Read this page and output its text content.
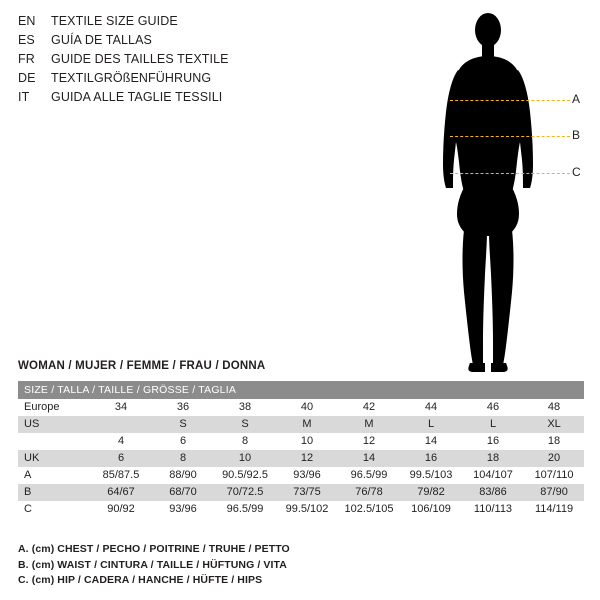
EN	TEXTILE SIZE GUIDE
ES	GUÍA DE TALLAS
FR	GUIDE DES TAILLES TEXTILE
DE	TEXTILGRÖßENFÜHRUNG
IT	GUIDA ALLE TAGLIE TESSILI	A
B
C
WOMAN / MUJER / FEMME / FRAU / DONNA
SIZE / TALLA / TAILLE / GRÖSSE / TAGLIA								
Europe	34	36	38	40	42	44	46	48
US		S	S	M	M	L	L	XL
	4	6	8	10	12	14	16	18
UK	6	8	10	12	14	16	18	20
A	85/87.5	88/90	90.5/92.5	93/96	96.5/99	99.5/103	104/107	107/110
B	64/67	68/70	70/72.5	73/75	76/78	79/82	83/86	87/90
C	90/92	93/96	96.5/99	99.5/102	102.5/105	106/109	110/113	114/119
A. (cm) CHEST / PECHO / POITRINE / TRUHE / PETTO
B. (cm) WAIST / CINTURA / TAILLE / HÜFTUNG / VITA
C. (cm) HIP / CADERA / HANCHE / HÜFTE / HIPS
